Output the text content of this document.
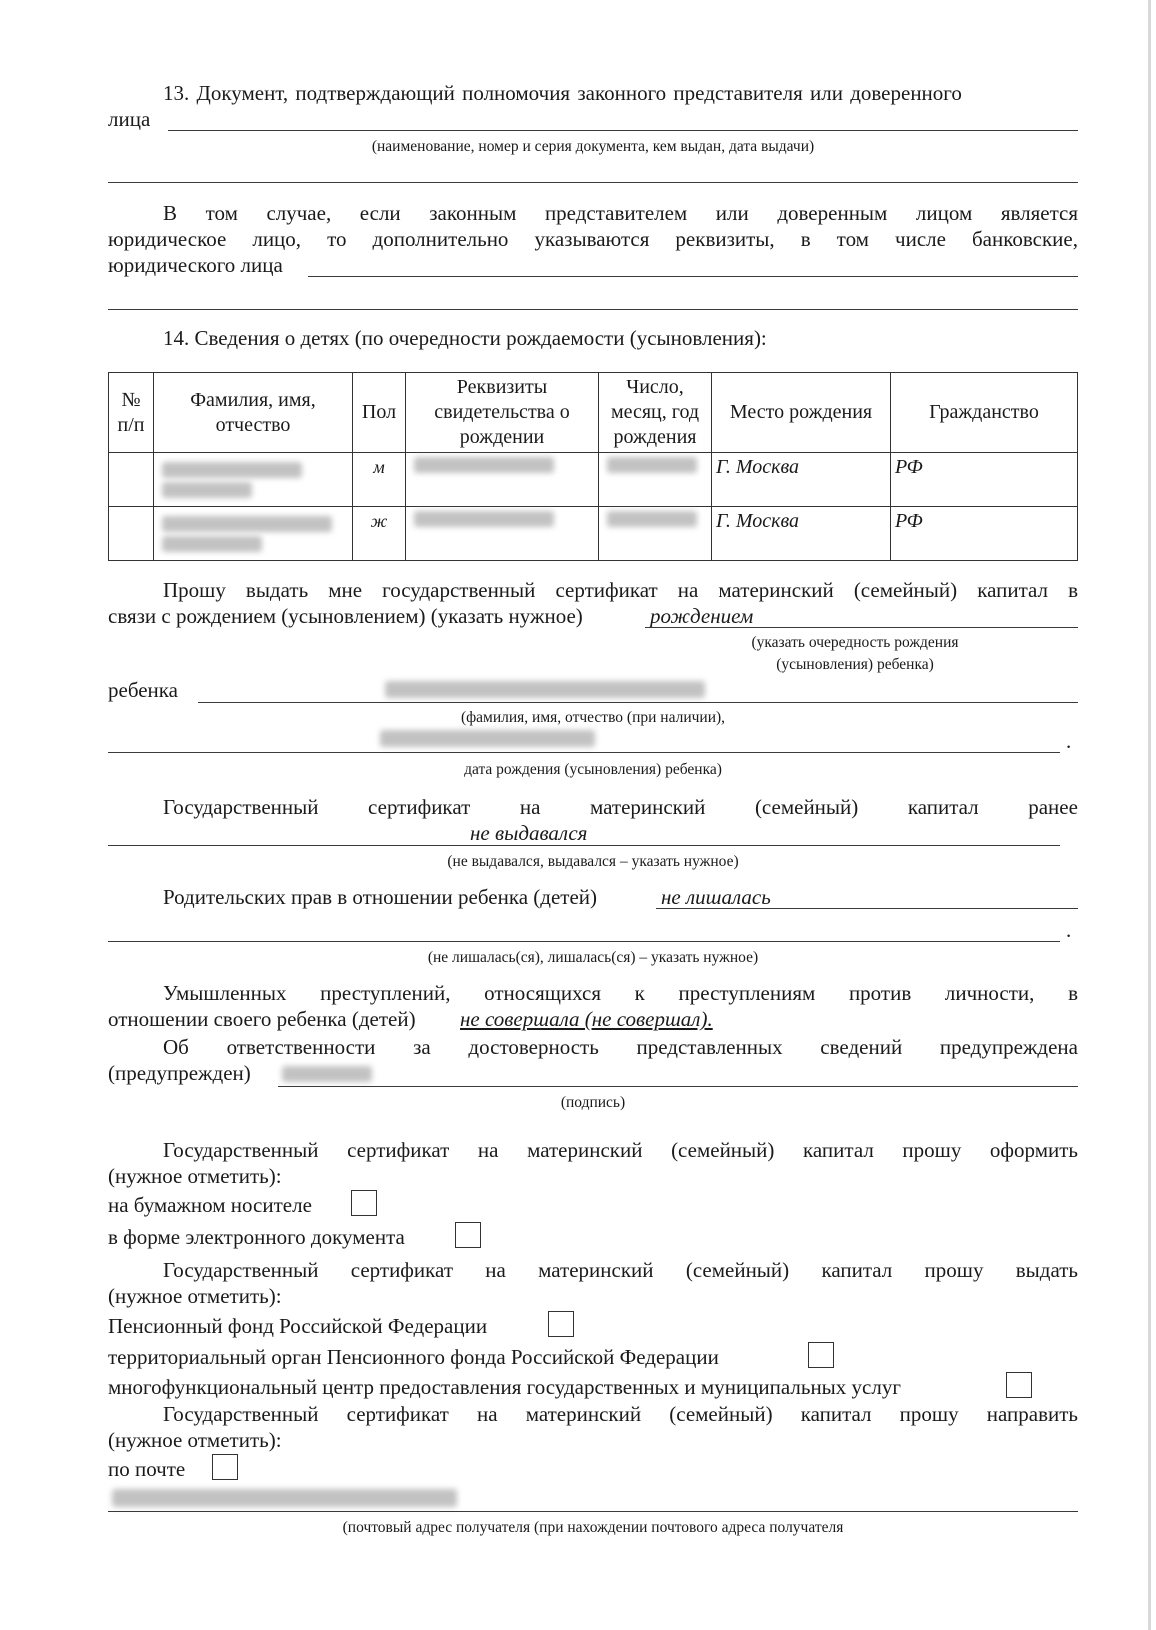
13. Документ, подтверждающий полномочия законного представителя или доверенного
лица
(наименование, номер и серия документа, кем выдан, дата выдачи)
В том случае, если законным представителем или доверенным лицом является
юридическое лицо, то дополнительно указываются реквизиты, в том числе банковские,
юридического лица
14. Сведения о детях (по очередности рождаемости (усыновления):
№ п/п	Фамилия, имя, отчество	Пол	Реквизиты свидетельства о рождении	Число, месяц, год рождения	Место рождения	Гражданство

	м			Г. Москва	РФ

	ж			Г. Москва	РФ
Прошу выдать мне государственный сертификат на материнский (семейный) капитал в
связи с рождением (усыновлением) (указать нужное)	рождением
(указать очередность рождения
(усыновления) ребенка)
ребенка
(фамилия, имя, отчество (при наличии),
.
дата рождения (усыновления) ребенка)
Государственный сертификат на материнский (семейный) капитал ранее
не выдавался
(не выдавался, выдавался – указать нужное)
Родительских прав в отношении ребенка (детей)	не лишалась
.
(не лишалась(ся), лишалась(ся) – указать нужное)
Умышленных преступлений, относящихся к преступлениям против личности, в
отношении своего ребенка (детей) не совершала (не совершал).
Об ответственности за достоверность представленных сведений предупреждена
(предупрежден)
(подпись)
Государственный сертификат на материнский (семейный) капитал прошу оформить
(нужное отметить):
на бумажном носителе
в форме электронного документа
Государственный сертификат на материнский (семейный) капитал прошу выдать
(нужное отметить):
Пенсионный фонд Российской Федерации
территориальный орган Пенсионного фонда Российской Федерации
многофункциональный центр предоставления государственных и муниципальных услуг
Государственный сертификат на материнский (семейный) капитал прошу направить
(нужное отметить):
по почте
(почтовый адрес получателя (при нахождении почтового адреса получателя
